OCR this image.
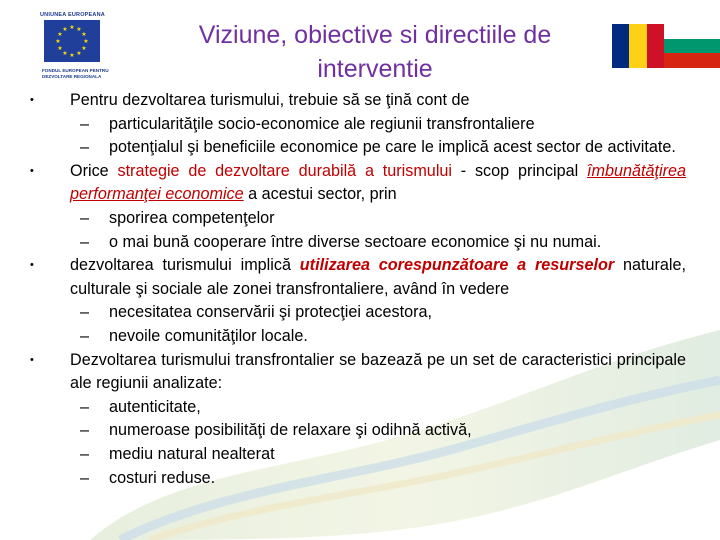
UNIUNEA EUROPEANA
★ ★
★
★
★
★
★
★
★
★
★
★
FONDUL EUROPEAN PENTRU
DEZVOLTARE REGIONALA
Viziune, obiective si directiile de
interventie
•	Pentru dezvoltarea turismului, trebuie să se ţină cont de
– particularităţile socio-economice ale regiunii transfrontaliere
– potenţialul şi beneficiile economice pe care le implică acest sector de activitate.
•	Orice strategie de dezvoltare durabilă a turismului - scop principal îmbunătăţirea performanţei economice a acestui sector, prin
– sporirea competenţelor
– o mai bună cooperare între diverse sectoare economice şi nu numai.
•	dezvoltarea turismului implică utilizarea corespunzătoare a resurselor naturale, culturale şi sociale ale zonei transfrontaliere, având în vedere
– necesitatea conservării şi protecţiei acestora,
– nevoile comunităţilor locale.
•	Dezvoltarea turismului transfrontalier se bazează pe un set de caracteristici principale ale regiunii analizate:
– autenticitate,
– numeroase posibilităţi de relaxare şi odihnă activă,
– mediu natural nealterat
– costuri reduse.
